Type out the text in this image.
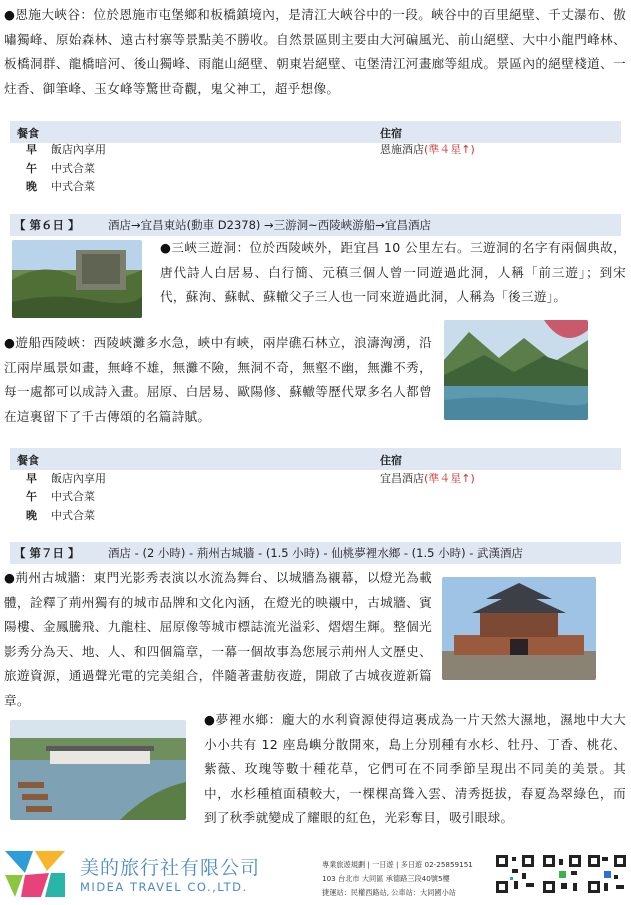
●恩施大峽谷：位於恩施市屯堡鄉和板橋鎮境內，是清江大峽谷中的一段。峽谷中的百里絕壁、千丈瀑布、傲嘯獨峰、原始森林、遠古村寨等景點美不勝收。自然景區則主要由大河碥風光、前山絕壁、大中小龍門峰林、板橋洞群、龍橋暗河、後山獨峰、雨龍山絕壁、朝東岩絕壁、屯堡清江河畫廊等組成。景區內的絕壁棧道、一炷香、御筆峰、玉女峰等驚世奇觀，鬼父神工，超乎想像。
餐食	住宿
早 飯店內享用
午 中式合菜
晚 中式合菜
恩施酒店(準４星↑)
【 第６日 】 酒店→宜昌東站(動車 D2378) →三游洞~西陵峽游船→宜昌酒店
●三峽三遊洞：位於西陵峽外，距宜昌 10 公里左右。三遊洞的名字有兩個典故，唐代詩人白居易、白行簡、元稹三個人曾一同遊過此洞，人稱「前三遊」；到宋代，蘇洵、蘇軾、蘇轍父子三人也一同來遊過此洞，人稱為「後三遊」。
●遊船西陵峽：西陵峽灘多水急，峽中有峽，兩岸礁石林立，浪濤洶湧，沿江兩岸風景如畫，無峰不雄，無灘不險，無洞不奇，無壑不幽，無灘不秀，每一處都可以成詩入畫。屈原、白居易、歐陽修、蘇轍等歷代眾多名人都曾在這裏留下了千古傳頌的名篇詩賦。
餐食	住宿
早 飯店內享用
午 中式合菜
晚 中式合菜
宜昌酒店(準４星↑)
【 第７日 】 酒店 - (2 小時) - 荊州古城牆 - (1.5 小時) - 仙桃夢裡水鄉 - (1.5 小時) - 武漢酒店
●荊州古城牆：東門光影秀表演以水流為舞台、以城牆為襯幕，以燈光為載體，詮釋了荊州獨有的城市品牌和文化內涵，在燈光的映襯中，古城牆、賓陽樓、金鳳騰飛、九龍柱、屈原像等城市標誌流光溢彩、熠熠生輝。整個光影秀分為天、地、人、和四個篇章，一幕一個故事為您展示荊州人文歷史、旅遊資源，通過聲光電的完美組合，伴隨著畫舫夜遊，開啟了古城夜遊新篇章。
●夢裡水鄉：龐大的水利資源使得這裏成為一片天然大濕地，濕地中大大小小共有 12 座島嶼分散開來，島上分別種有水杉、牡丹、丁香、桃花、紫薇、玫瑰等數十種花草，它們可在不同季節呈現出不同美的美景。其中，水杉種植面積較大，一棵棵高聳入雲、清秀挺拔，春夏為翠綠色，而到了秋季就變成了耀眼的紅色，光彩奪目，吸引眼球。
美的旅行社有限公司
MIDEA TRAVEL CO.,LTD.
專業旅遊規劃 | 一日遊 | 多日遊 02-25859151
103 台北市 大同區 承德路三段40號5樓
捷運站：民權西路站, 公車站：大同國小站
